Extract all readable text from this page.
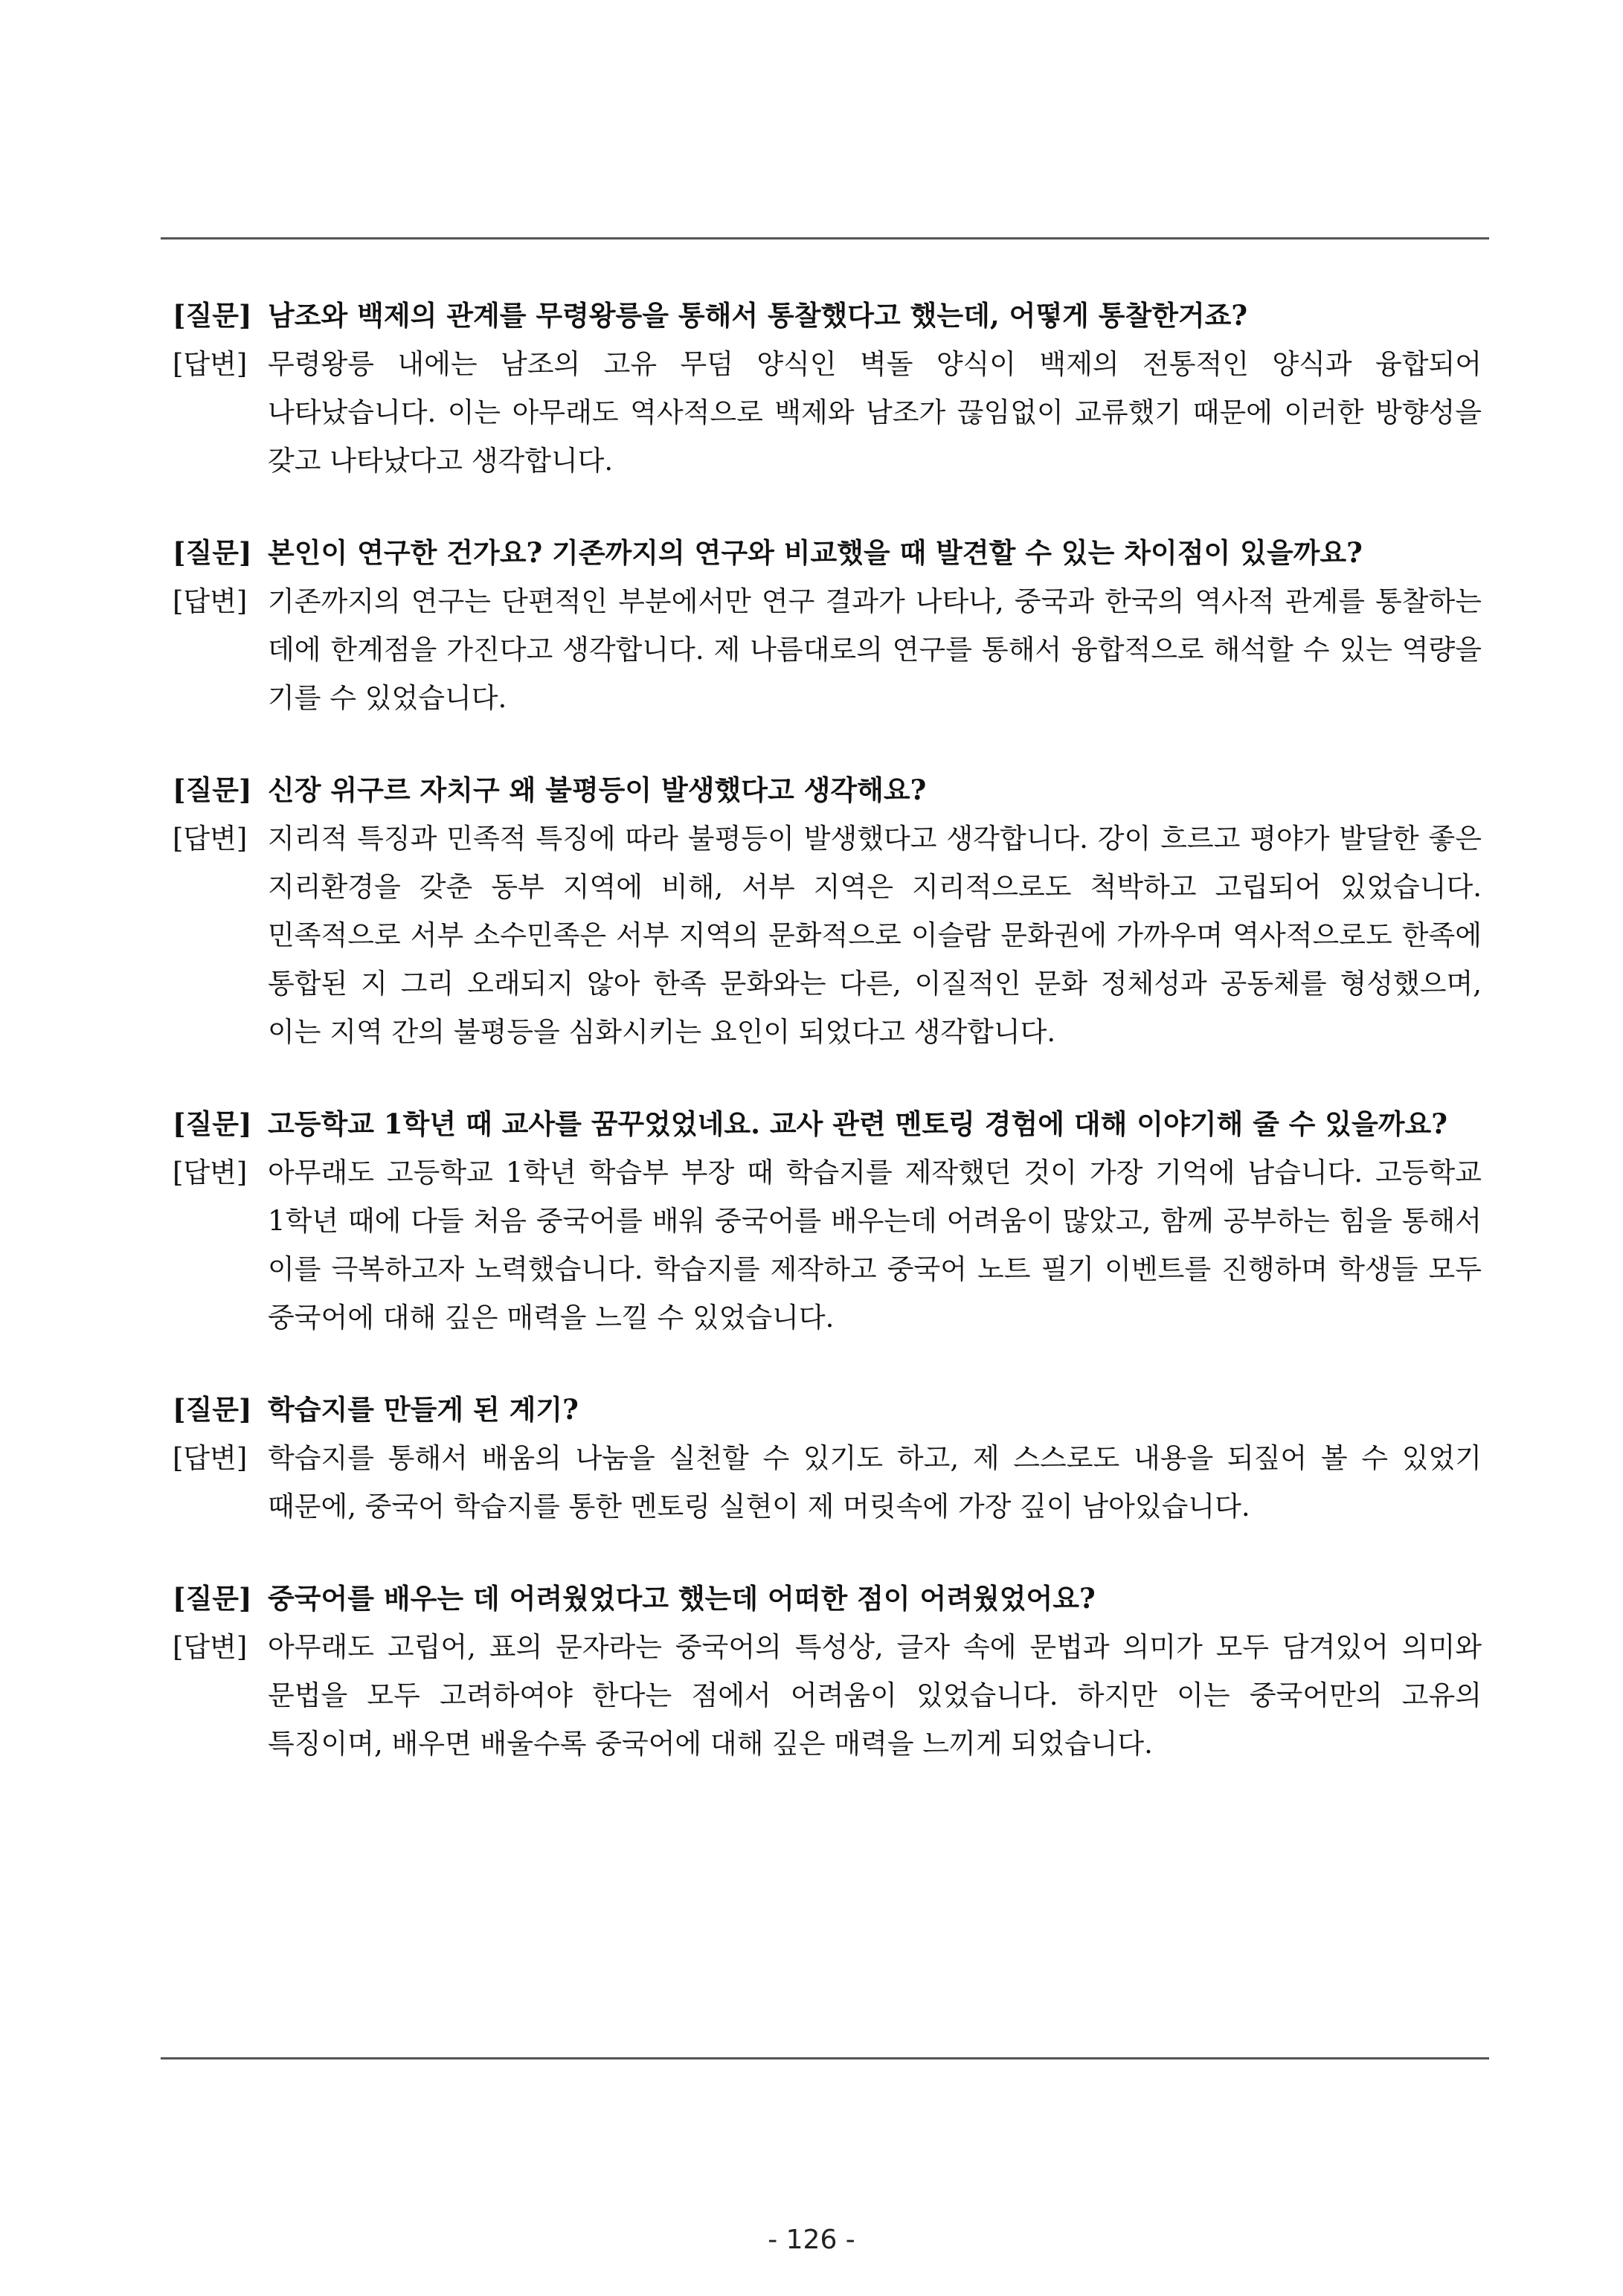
[질문] 남조와 백제의 관계를 무령왕릉을 통해서 통찰했다고 했는데, 어떻게 통찰한거죠?
[답변] 무령왕릉 내에는 남조의 고유 무덤 양식인 벽돌 양식이 백제의 전통적인 양식과 융합되어 나타났습니다. 이는 아무래도 역사적으로 백제와 남조가 끊임없이 교류했기 때문에 이러한 방향성을 갖고 나타났다고 생각합니다.
[질문] 본인이 연구한 건가요? 기존까지의 연구와 비교했을 때 발견할 수 있는 차이점이 있을까요?
[답변] 기존까지의 연구는 단편적인 부분에서만 연구 결과가 나타나, 중국과 한국의 역사적 관계를 통찰하는 데에 한계점을 가진다고 생각합니다. 제 나름대로의 연구를 통해서 융합적으로 해석할 수 있는 역량을 기를 수 있었습니다.
[질문] 신장 위구르 자치구 왜 불평등이 발생했다고 생각해요?
[답변] 지리적 특징과 민족적 특징에 따라 불평등이 발생했다고 생각합니다. 강이 흐르고 평야가 발달한 좋은 지리환경을 갖춘 동부 지역에 비해, 서부 지역은 지리적으로도 척박하고 고립되어 있었습니다. 민족적으로 서부 소수민족은 서부 지역의 문화적으로 이슬람 문화권에 가까우며 역사적으로도 한족에 통합된 지 그리 오래되지 않아 한족 문화와는 다른, 이질적인 문화 정체성과 공동체를 형성했으며, 이는 지역 간의 불평등을 심화시키는 요인이 되었다고 생각합니다.
[질문] 고등학교 1학년 때 교사를 꿈꾸었었네요. 교사 관련 멘토링 경험에 대해 이야기해 줄 수 있을까요?
[답변] 아무래도 고등학교 1학년 학습부 부장 때 학습지를 제작했던 것이 가장 기억에 남습니다. 고등학교 1학년 때에 다들 처음 중국어를 배워 중국어를 배우는데 어려움이 많았고, 함께 공부하는 힘을 통해서 이를 극복하고자 노력했습니다. 학습지를 제작하고 중국어 노트 필기 이벤트를 진행하며 학생들 모두 중국어에 대해 깊은 매력을 느낄 수 있었습니다.
[질문] 학습지를 만들게 된 계기?
[답변] 학습지를 통해서 배움의 나눔을 실천할 수 있기도 하고, 제 스스로도 내용을 되짚어 볼 수 있었기 때문에, 중국어 학습지를 통한 멘토링 실현이 제 머릿속에 가장 깊이 남아있습니다.
[질문] 중국어를 배우는 데 어려웠었다고 했는데 어떠한 점이 어려웠었어요?
[답변] 아무래도 고립어, 표의 문자라는 중국어의 특성상, 글자 속에 문법과 의미가 모두 담겨있어 의미와 문법을 모두 고려하여야 한다는 점에서 어려움이 있었습니다. 하지만 이는 중국어만의 고유의 특징이며, 배우면 배울수록 중국어에 대해 깊은 매력을 느끼게 되었습니다.
- 126 -
